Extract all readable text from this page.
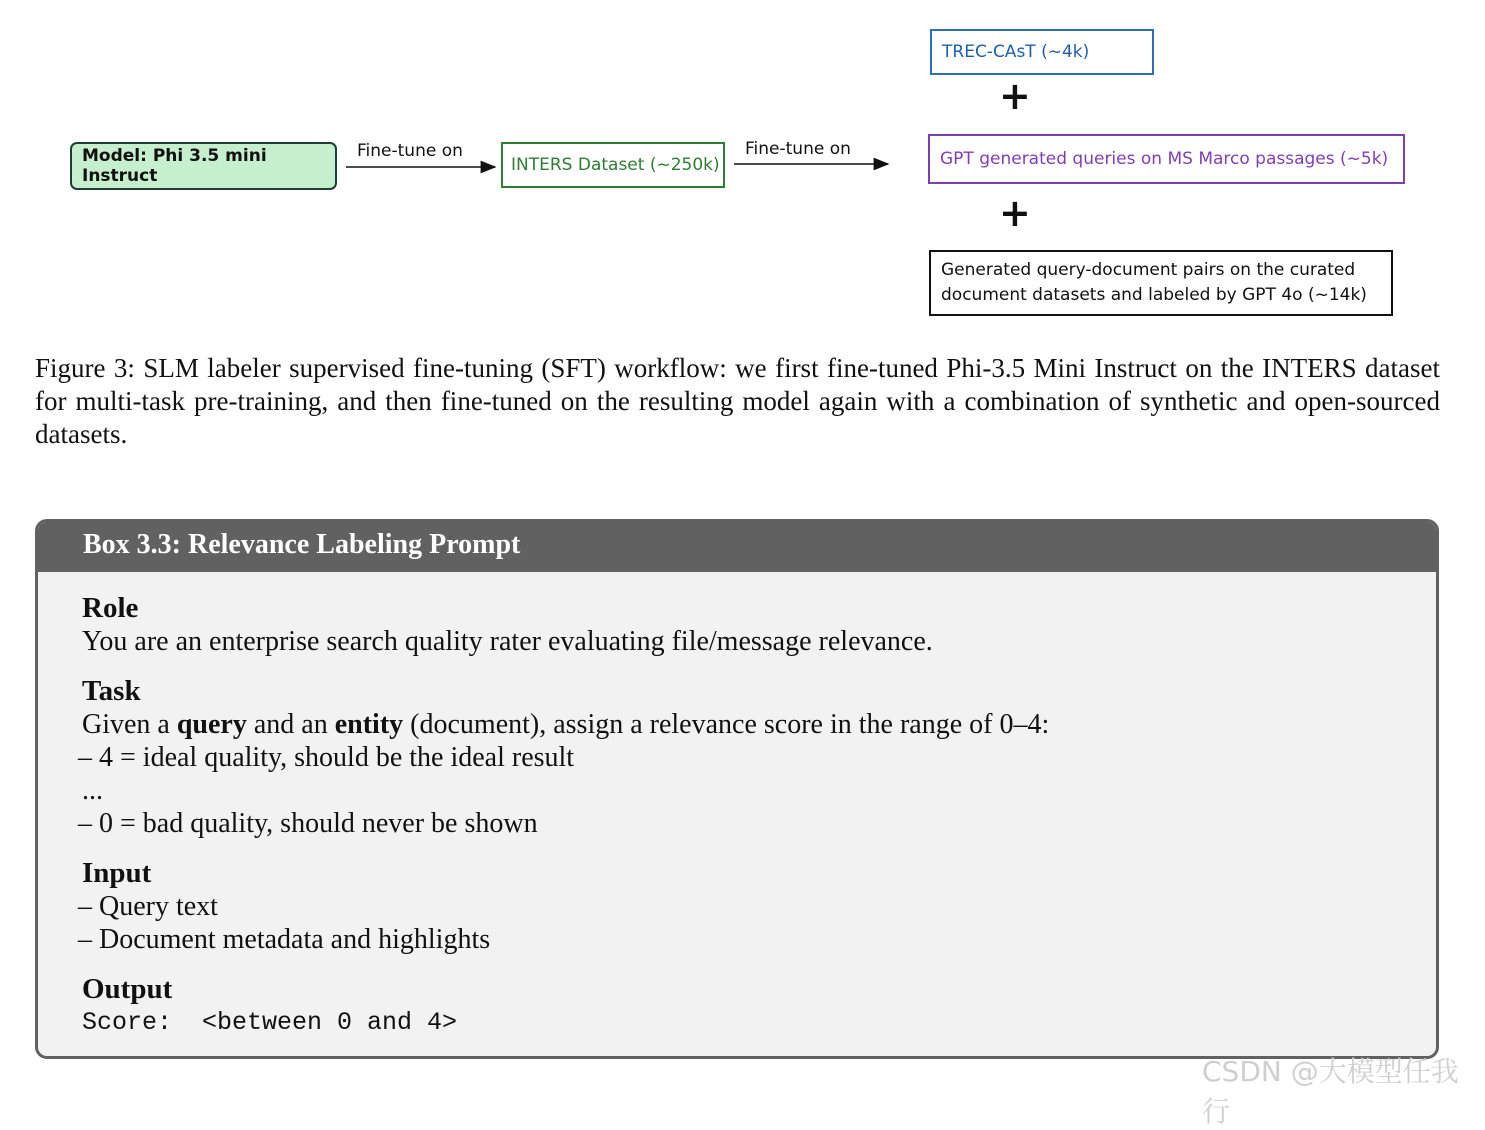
Model: Phi 3.5 mini Instruct
Fine-tune on
INTERS Dataset (~250k)
Fine-tune on
TREC-CAsT (~4k)
+
GPT generated queries on MS Marco passages (~5k)
+
Generated query-document pairs on the curated
document datasets and labeled by GPT 4o (~14k)
Figure 3: SLM labeler supervised fine-tuning (SFT) workflow: we first fine-tuned Phi-3.5 Mini Instruct on the INTERS dataset for multi-task pre-training, and then fine-tuned on the resulting model again with a combination of synthetic and open-sourced datasets.
Box 3.3: Relevance Labeling Prompt
Role
You are an enterprise search quality rater evaluating file/message relevance.
Task
Given a query and an entity (document), assign a relevance score in the range of 0–4:
– 4 = ideal quality, should be the ideal result
...
– 0 = bad quality, should never be shown
Input
– Query text
– Document metadata and highlights
Output
Score:  <between 0 and 4>
CSDN @大模型任我行
